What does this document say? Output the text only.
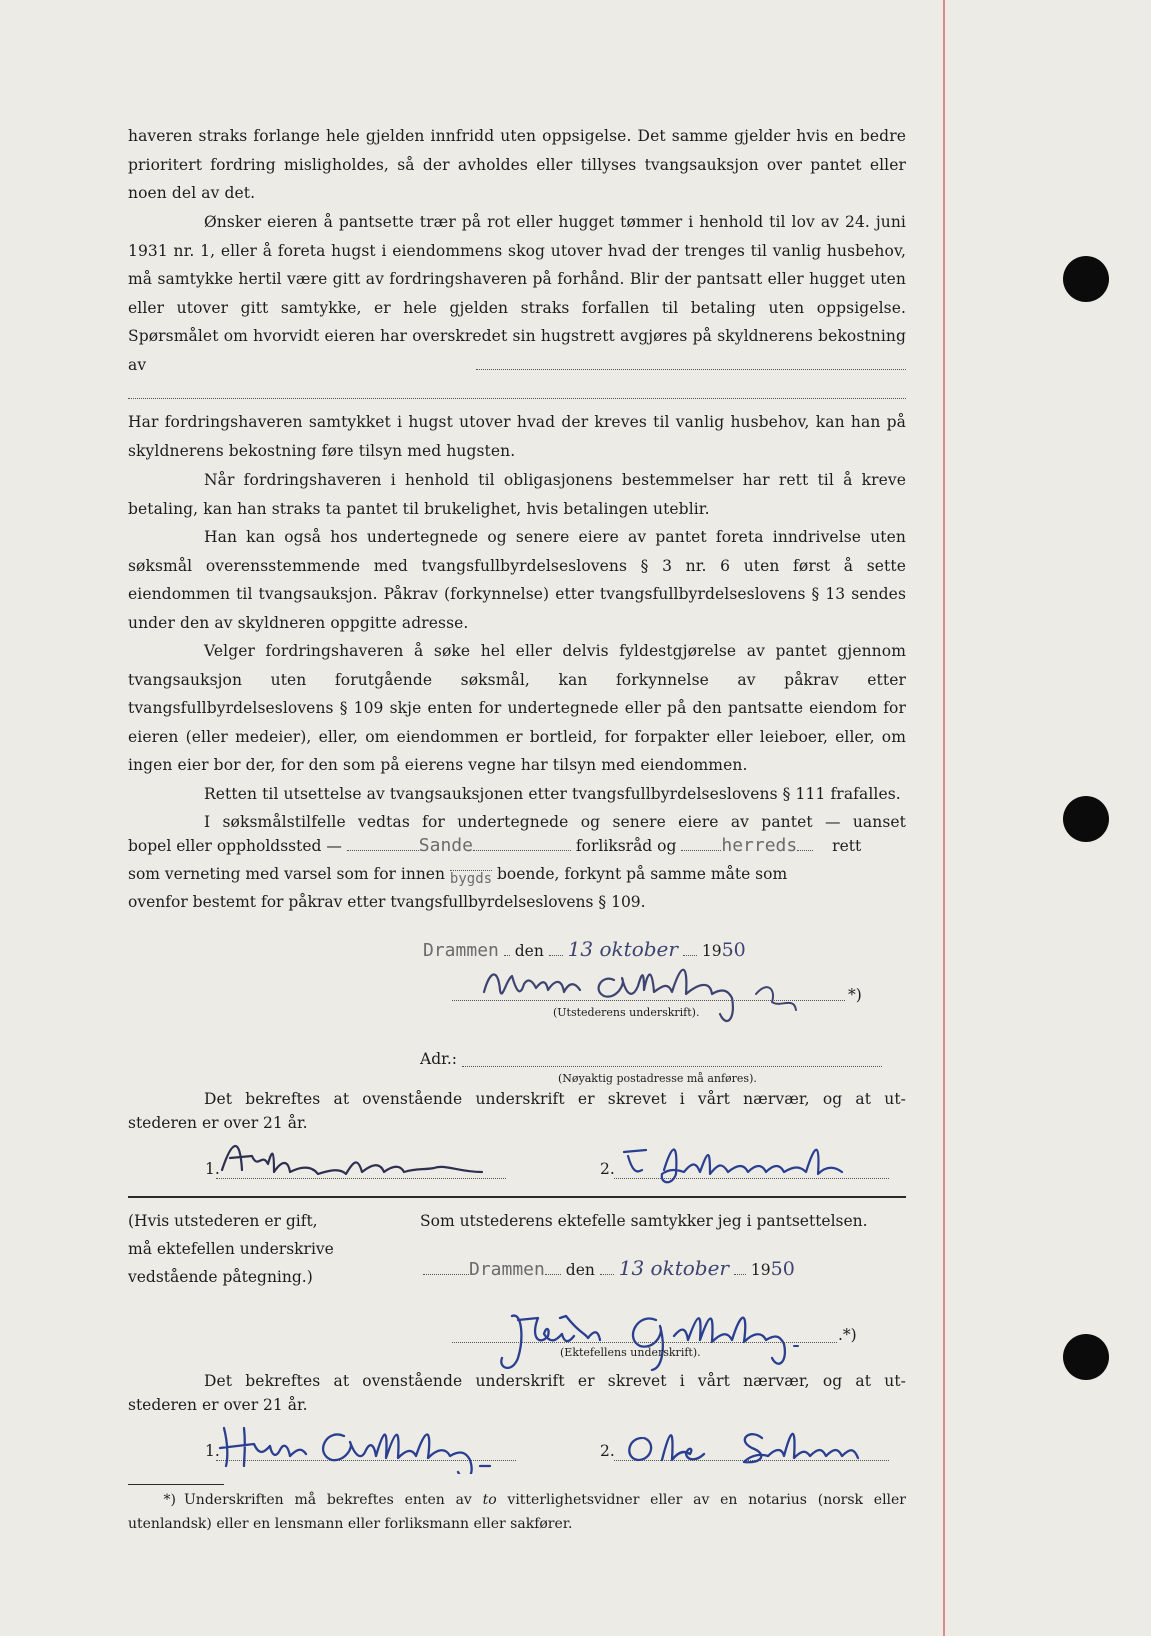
haveren straks forlange hele gjelden innfridd uten oppsigelse. Det samme gjelder hvis en bedre prioritert fordring misligholdes, så der avholdes eller tillyses tvangsauksjon over pantet eller noen del av det.
Ønsker eieren å pantsette trær på rot eller hugget tømmer i henhold til lov av 24. juni 1931 nr. 1, eller å foreta hugst i eiendommens skog utover hvad der trenges til vanlig husbehov, må samtykke hertil være gitt av fordringshaveren på forhånd. Blir der pantsatt eller hugget uten eller utover gitt samtykke, er hele gjelden straks forfallen til betaling uten oppsigelse. Spørsmålet om hvorvidt eieren har overskredet sin hugstrett avgjøres på skyldnerens bekostning av
Har fordringshaveren samtykket i hugst utover hvad der kreves til vanlig husbehov, kan han på skyldnerens bekostning føre tilsyn med hugsten.
Når fordringshaveren i henhold til obligasjonens bestemmelser har rett til å kreve betaling, kan han straks ta pantet til brukelighet, hvis betalingen uteblir.
Han kan også hos undertegnede og senere eiere av pantet foreta inndrivelse uten søksmål overensstemmende med tvangsfullbyrdelseslovens § 3 nr. 6 uten først å sette eiendommen til tvangsauksjon. Påkrav (forkynnelse) etter tvangsfullbyrdelseslovens § 13 sendes under den av skyldneren oppgitte adresse.
Velger fordringshaveren å søke hel eller delvis fyldestgjørelse av pantet gjennom tvangsauksjon uten forutgående søksmål, kan forkynnelse av påkrav etter tvangsfullbyrdelseslovens § 109 skje enten for undertegnede eller på den pantsatte eiendom for eieren (eller medeier), eller, om eiendommen er bortleid, for forpakter eller leieboer, eller, om ingen eier bor der, for den som på eierens vegne har tilsyn med eiendommen.
Retten til utsettelse av tvangsauksjonen etter tvangsfullbyrdelseslovens § 111 frafalles.
I søksmålstilfelle vedtas for undertegnede og senere eiere av pantet — uanset
bopel eller oppholdssted —	Sande	forliksråd og herreds rett
som verneting med varsel som for innen bygds boende, forkynt på samme måte som
ovenfor bestemt for påkrav etter tvangsfullbyrdelseslovens § 109.
Drammen den 13 oktober 1950
*)
(Utstederens underskrift).
Adr.:
(Nøyaktig postadresse må anføres).
Det bekreftes at ovenstående underskrift er skrevet i vårt nærvær, og at ut-
stederen er over 21 år.
1.	2.
(Hvis utstederen er gift,
må ektefellen underskrive
vedstående påtegning.)
Som utstederens ektefelle samtykker jeg i pantsettelsen.
Drammen den 13 oktober 1950
.*)
(Ektefellens underskrift).
Det bekreftes at ovenstående underskrift er skrevet i vårt nærvær, og at ut-
stederen er over 21 år.
1.	2.
*) Underskriften må bekreftes enten av to vitterlighetsvidner eller av en notarius (norsk eller utenlandsk) eller en lensmann eller forliksmann eller sakfører.
